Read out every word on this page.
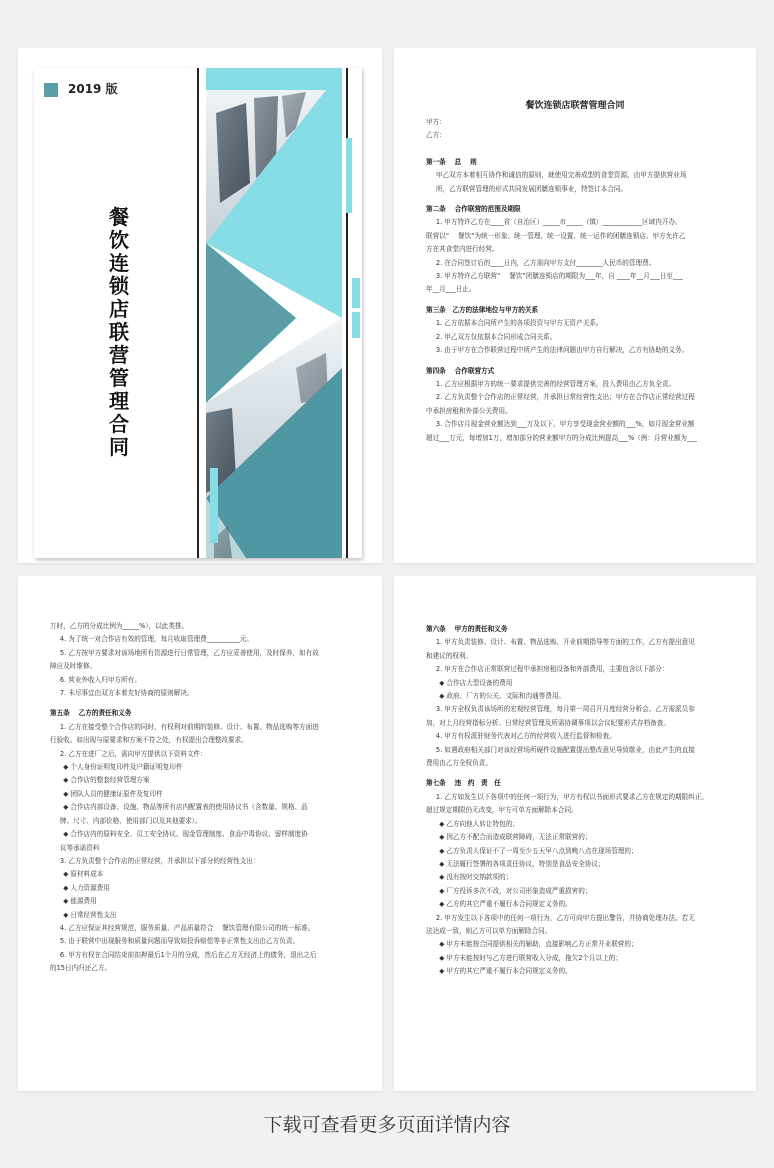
2019 版
餐饮连锁店联营管理合同
餐饮连锁店联营管理合同

甲方：

乙方：

第一条　 总　 则

甲乙双方本着相互协作和诚信的原则，就使用完善成型的食堂资源，由甲方提供营业场

所，乙方联营管理的形式共同发展团膳连锁事业，特签订本合同。

第二条　 合作联营的范围及期限

1. 甲方特许乙方在____省（自治区）_____市_____（镇）____________区域内开办、

联营以“　 餐饮”为统一形象、统一管理、统一设置、统一运作的团膳连锁店。甲方允许乙

方在其食堂内进行经营。

2. 在合同签订后的____日内，乙方需向甲方支付________人民币的管理费。

3. 甲方特许乙方联营“　 餐饮”团膳连锁店的期限为___年，自 ____年__月___日至___

年__月___日止。

第三条　乙方的法律地位与甲方的关系

1. 乙方依据本合同所产生的各项投资与甲方无资产关系。

2. 甲乙双方仅依据本合同形成合同关系。

3. 由于甲方在合作联营过程中所产生的法律问题由甲方自行解决，乙方有协助的义务。

第四条　 合作联营方式

1. 乙方应根据甲方的统一要求提供完善的经营管理方案，投入费用由乙方负全责。

2. 乙方负责整个合作店的正常经营，并承担日常经营性支出；甲方在合作店正常经营过程

中承担房租和外部公关费用。

3. 合作店月现金营业额达到___万及以下，甲方享受现金营业额的___%，如月现金营业额

超过___万元，每增加1万，增加部分的营业额甲方的分成比例提高___%（例：月营业额为___

万时，乙方的分成比例为_____%），以此类推。

4. 为了统一对合作店有效的管理，每月收取管理费__________元。

5. 乙方按甲方要求对该场地所有资源进行日常管理，乙方应妥善使用，及时保养，如有故

障应及时维修。

6. 营业外收入归甲方所有。

7. 未尽事宜由双方本着友好协商的原则解决。

第五条　 乙方的责任和义务

1. 乙方在接受整个合作店的同时，有权利对前期的装修、设计、布置、物品选购等方面进

行验收。如出现与原要求和方案不符之处，有权提出合理整改要求。

2. 乙方在进厂之后，需向甲方提供以下资料文件：

◆ 个人身份证明复印件及户籍证明复印件

◆ 合作店的整套经营管理方案

◆ 团队人员的健康证原件及复印件

◆ 合作店内部设备、设施、物品等所有店内配置表的使用协议书（含数量、规格、品

牌、尺寸、内部价格、使用部门以及其他要求）。

◆ 合作店内的原料安全、员工安全协议、现金管理制度、食品中毒协议、留样制度协

议等承诺资料

3. 乙方负责整个合作店的正常经营，并承担以下部分的经营性支出：

◆ 原材料成本

◆ 人力资源费用

◆ 能源费用

◆ 日常经营性支出

4. 乙方应保证其经营规范，服务质量、产品质量符合　 餐饮管理有限公司的统一标准。

5. 由于联营中出现服务和质量问题而导致如投诉赔偿等非正常性支出由乙方负责。

6. 甲方有权在合同结束前扣押最后1个月的分成，然后在乙方无经济上的债务，退出之后

的15日内归还乙方。

第六条　 甲方的责任和义务

1. 甲方负责装修、设计、布置、物品选购、开业前期指导等方面的工作，乙方有提出意见

和建议的权利。

2. 甲方在合作店正常联营过程中承担房租设备和外部费用，主要包含以下部分：

◆ 合作店大型设备的费用

◆ 政府、厂方的公关、文际和沟通等费用。

3. 甲方全权负责该场所的宏观经营管理，每月第一周召开月度经营分析会。乙方需派员参

加，对上月经营指标分析、日常经营管理及所需协调事项以会议纪要形式存档备查。

4. 甲方有权派驻财务代表对乙方的经营收入进行监督和检查。

5. 如遇政府相关部门对该经营场所硬件设施配置提出整改意见导致歇业，由此产生的直接

费用由乙方全权负责。

第七条　 违　约　责　任

1. 乙方如发生以下各项中的任何一项行为，甲方有权以书面形式要求乙方在规定的期限纠正。

超过规定期限仍无改变，甲方可单方面解除本合同。

◆ 乙方向他人转让特包的；

◆ 因乙方不配合而造成联营障碍，无法正常联营的；

◆ 乙方负责人保证不了一周至少五天早八点到晚八点在现场管理的；

◆ 无法履行签署的各项责任协议，特别是食品安全协议；

◆ 没有按时交纳款项的；

◆ 厂方投诉多次不改，对公司形象造成严重损害的；

◆ 乙方的其它严重不履行本合同规定义务的。

2. 甲方发生以下各项中的任何一项行为，乙方可向甲方提出警告，并协商处理办法。若无

法达成一致，则乙方可以单方面解除合同。

◆ 甲方未能按合同提供相关的辅助，直接影响乙方正常开业联营的；

◆ 甲方未能按时与乙方进行联营收入分成，拖欠2个月以上的；

◆ 甲方的其它严重不履行本合同规定义务的。

下载可查看更多页面详情内容
